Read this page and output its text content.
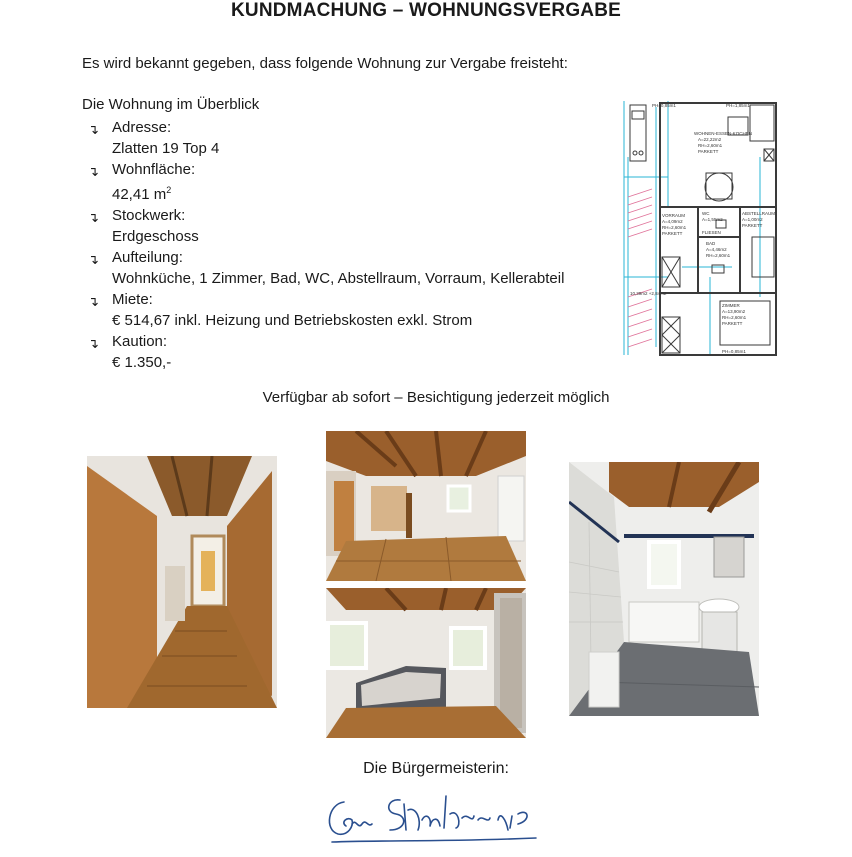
KUNDMACHUNG – WOHNUNGSVERGABE
Es wird bekannt gegeben, dass folgende Wohnung zur Vergabe freisteht:
Die Wohnung im Überblick
↴ Adresse:
Zlatten 19 Top 4
↴ Wohnfläche:
42,41 $m^2$
↴ Stockwerk:
Erdgeschoss
↴ Aufteilung:
Wohnküche, 1 Zimmer, Bad, WC, Abstellraum, Vorraum, Kellerabteil
↴ Miete:
€ 514,67 inkl. Heizung und Betriebskosten exkl. Strom
↴ Kaution:
€ 1.350,-
PH=0,85m1	PH=1,85m1
WOHNEN-ESSEN-KOCHEN
A=22,22m2
RH=2,60m1
PARKETT
VORRAUM
A=4,09m2
RH=2,60m1
PARKETT
WC
A=1,55m2
FLIESEN
BAD
A=4,46m2
RH=2,60m1
ABSTELLRAUM
A=1,00m2
PARKETT
ZIMMER
A=13,90m2
RH=2,60m1
PARKETT
PH=0,85m1
10,39m2 +2,84m2
Verfügbar ab sofort – Besichtigung jederzeit möglich
Die Bürgermeisterin:
